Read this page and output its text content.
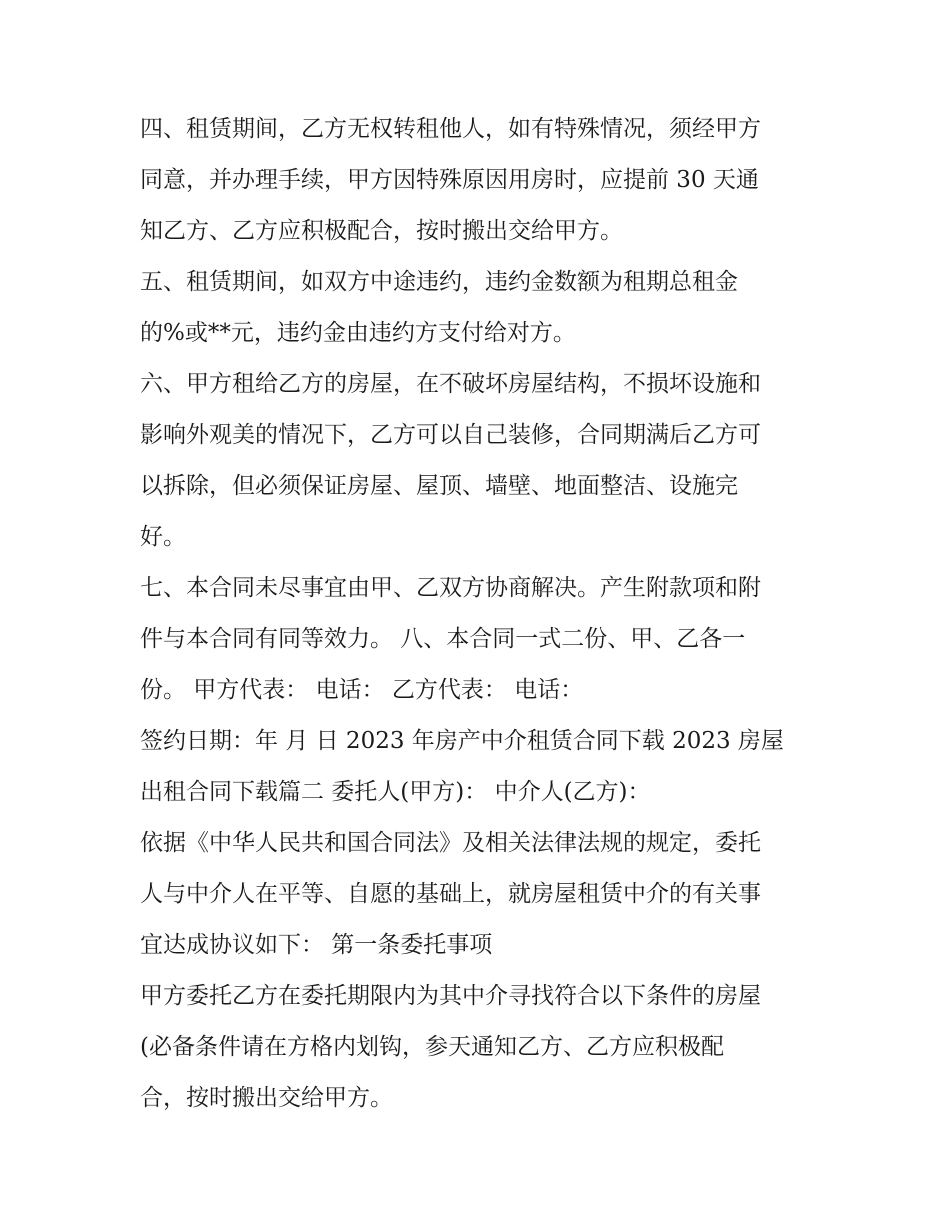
四、租赁期间，乙方无权转租他人，如有特殊情况，须经甲方
同意，并办理手续，甲方因特殊原因用房时，应提前 30 天通
知乙方、乙方应积极配合，按时搬出交给甲方。
五、租赁期间，如双方中途违约，违约金数额为租期总租金
的%或**元，违约金由违约方支付给对方。
六、甲方租给乙方的房屋，在不破坏房屋结构，不损坏设施和
影响外观美的情况下，乙方可以自己装修，合同期满后乙方可
以拆除，但必须保证房屋、屋顶、墙壁、地面整洁、设施完
好。
七、本合同未尽事宜由甲、乙双方协商解决。产生附款项和附
件与本合同有同等效力。 八、本合同一式二份、甲、乙各一
份。 甲方代表： 电话： 乙方代表： 电话：
签约日期：年 月 日 2023 年房产中介租赁合同下载 2023 房屋
出租合同下载篇二 委托人(甲方)： 中介人(乙方)：
依据《中华人民共和国合同法》及相关法律法规的规定，委托
人与中介人在平等、自愿的基础上，就房屋租赁中介的有关事
宜达成协议如下： 第一条委托事项
甲方委托乙方在委托期限内为其中介寻找符合以下条件的房屋
(必备条件请在方格内划钩，参天通知乙方、乙方应积极配
合，按时搬出交给甲方。
